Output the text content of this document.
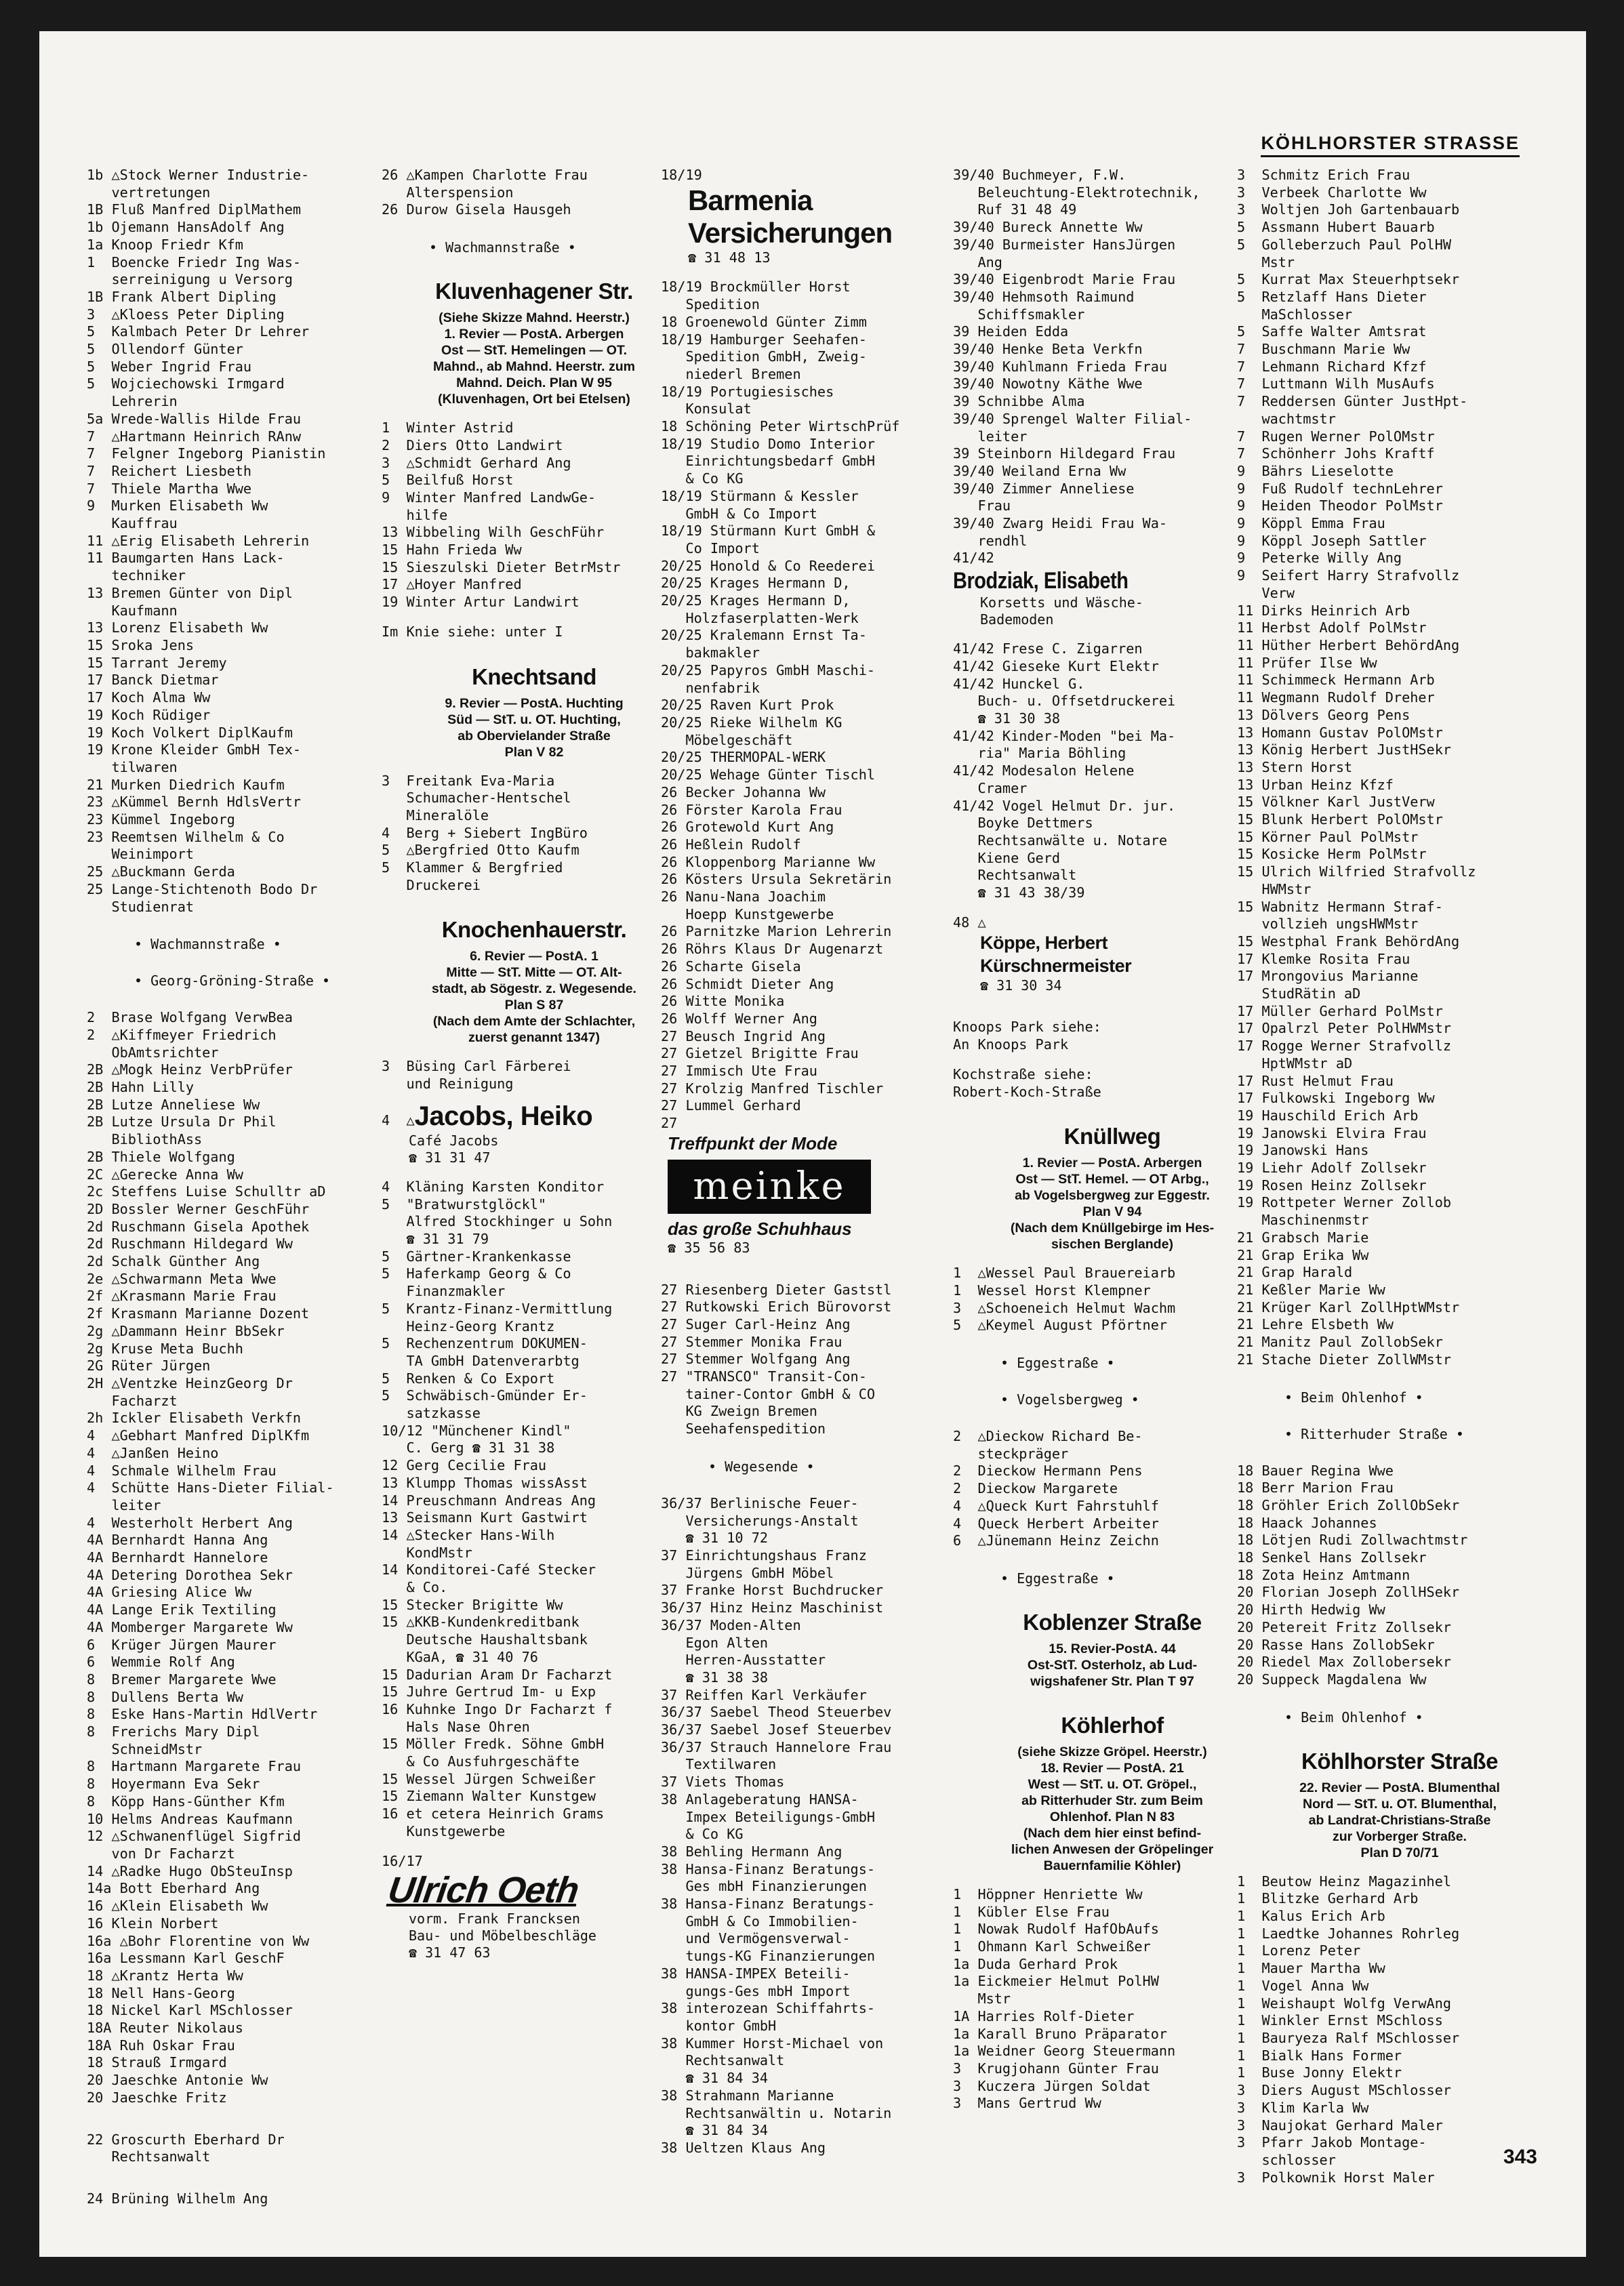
KÖHLHORSTER STRASSE
1b △Stock Werner Industrie-
vertretungen
1B Fluß Manfred DiplMathem
1b Ojemann HansAdolf Ang
1a Knoop Friedr Kfm
1  Boencke Friedr Ing Was-
serreinigung u Versorg
1B Frank Albert Dipling
3  △Kloess Peter Dipling
5  Kalmbach Peter Dr Lehrer
5  Ollendorf Günter
5  Weber Ingrid Frau
5  Wojciechowski Irmgard
Lehrerin
5a Wrede-Wallis Hilde Frau
7  △Hartmann Heinrich RAnw
7  Felgner Ingeborg Pianistin
7  Reichert Liesbeth
7  Thiele Martha Wwe
9  Murken Elisabeth Ww
Kauffrau
11 △Erig Elisabeth Lehrerin
11 Baumgarten Hans Lack-
techniker
13 Bremen Günter von Dipl
Kaufmann
13 Lorenz Elisabeth Ww
15 Sroka Jens
15 Tarrant Jeremy
17 Banck Dietmar
17 Koch Alma Ww
19 Koch Rüdiger
19 Koch Volkert DiplKaufm
19 Krone Kleider GmbH Tex-
tilwaren
21 Murken Diedrich Kaufm
23 △Kümmel Bernh HdlsVertr
23 Kümmel Ingeborg
23 Reemtsen Wilhelm & Co
Weinimport
25 △Buckmann Gerda
25 Lange-Stichtenoth Bodo Dr
Studienrat
• Wachmannstraße •
• Georg-Gröning-Straße •
2  Brase Wolfgang VerwBea
2  △Kiffmeyer Friedrich
ObAmtsrichter
2B △Mogk Heinz VerbPrüfer
2B Hahn Lilly
2B Lutze Anneliese Ww
2B Lutze Ursula Dr Phil
BibliothAss
2B Thiele Wolfgang
2C △Gerecke Anna Ww
2c Steffens Luise Schulltr aD
2D Bossler Werner GeschFühr
2d Ruschmann Gisela Apothek
2d Ruschmann Hildegard Ww
2d Schalk Günther Ang
2e △Schwarmann Meta Wwe
2f △Krasmann Marie Frau
2f Krasmann Marianne Dozent
2g △Dammann Heinr BbSekr
2g Kruse Meta Buchh
2G Rüter Jürgen
2H △Ventzke HeinzGeorg Dr
Facharzt
2h Ickler Elisabeth Verkfn
4  △Gebhart Manfred DiplKfm
4  △Janßen Heino
4  Schmale Wilhelm Frau
4  Schütte Hans-Dieter Filial-
leiter
4  Westerholt Herbert Ang
4A Bernhardt Hanna Ang
4A Bernhardt Hannelore
4A Detering Dorothea Sekr
4A Griesing Alice Ww
4A Lange Erik Textiling
4A Momberger Margarete Ww
6  Krüger Jürgen Maurer
6  Wemmie Rolf Ang
8  Bremer Margarete Wwe
8  Dullens Berta Ww
8  Eske Hans-Martin HdlVertr
8  Frerichs Mary Dipl
SchneidMstr
8  Hartmann Margarete Frau
8  Hoyermann Eva Sekr
8  Köpp Hans-Günther Kfm
10 Helms Andreas Kaufmann
12 △Schwanenflügel Sigfrid
von Dr Facharzt
14 △Radke Hugo ObSteuInsp
14a Bott Eberhard Ang
16 △Klein Elisabeth Ww
16 Klein Norbert
16a △Bohr Florentine von Ww
16a Lessmann Karl GeschF
18 △Krantz Herta Ww
18 Nell Hans-Georg
18 Nickel Karl MSchlosser
18A Reuter Nikolaus
18A Ruh Oskar Frau
18 Strauß Irmgard
20 Jaeschke Antonie Ww
20 Jaeschke Fritz
22 Groscurth Eberhard Dr
Rechtsanwalt
24 Brüning Wilhelm Ang
26 △Kampen Charlotte Frau
Alterspension
26 Durow Gisela Hausgeh
• Wachmannstraße •
Kluvenhagener Str.
(Siehe Skizze Mahnd. Heerstr.)
1. Revier — PostA. Arbergen
Ost — StT. Hemelingen — OT.
Mahnd., ab Mahnd. Heerstr. zum
Mahnd. Deich. Plan W 95
(Kluvenhagen, Ort bei Etelsen)
1  Winter Astrid
2  Diers Otto Landwirt
3  △Schmidt Gerhard Ang
5  Beilfuß Horst
9  Winter Manfred LandwGe-
hilfe
13 Wibbeling Wilh GeschFühr
15 Hahn Frieda Ww
15 Sieszulski Dieter BetrMstr
17 △Hoyer Manfred
19 Winter Artur Landwirt
Im Knie siehe: unter I
Knechtsand
9. Revier — PostA. Huchting
Süd — StT. u. OT. Huchting,
ab Obervielander Straße
Plan V 82
3  Freitank Eva-Maria
Schumacher-Hentschel
Mineralöle
4  Berg + Siebert IngBüro
5  △Bergfried Otto Kaufm
5  Klammer & Bergfried
Druckerei
Knochenhauerstr.
6. Revier — PostA. 1
Mitte — StT. Mitte — OT. Alt-
stadt, ab Sögestr. z. Wegesende.
Plan S 87
(Nach dem Amte der Schlachter,
zuerst genannt 1347)
3  Büsing Carl Färberei
und Reinigung
4  △Jacobs, Heiko
Café Jacobs
☎ 31 31 47
4  Kläning Karsten Konditor
5  "Bratwurstglöckl"
Alfred Stockhinger u Sohn
☎ 31 31 79
5  Gärtner-Krankenkasse
5  Haferkamp Georg & Co
Finanzmakler
5  Krantz-Finanz-Vermittlung
Heinz-Georg Krantz
5  Rechenzentrum DOKUMEN-
TA GmbH Datenverarbtg
5  Renken & Co Export
5  Schwäbisch-Gmünder Er-
satzkasse
10/12 "Münchener Kindl"
C. Gerg ☎ 31 31 38
12 Gerg Cecilie Frau
13 Klumpp Thomas wissAsst
14 Preuschmann Andreas Ang
13 Seismann Kurt Gastwirt
14 △Stecker Hans-Wilh
KondMstr
14 Konditorei-Café Stecker
& Co.
15 Stecker Brigitte Ww
15 △KKB-Kundenkreditbank
Deutsche Haushaltsbank
KGaA, ☎ 31 40 76
15 Dadurian Aram Dr Facharzt
15 Juhre Gertrud Im- u Exp
16 Kuhnke Ingo Dr Facharzt f
Hals Nase Ohren
15 Möller Fredk. Söhne GmbH
& Co Ausfuhrgeschäfte
15 Wessel Jürgen Schweißer
15 Ziemann Walter Kunstgew
16 et cetera Heinrich Grams
Kunstgewerbe
16/17
Ulrich Oeth
vorm. Frank Francksen
Bau- und Möbelbeschläge
☎ 31 47 63
18/19
Barmenia
Versicherungen
☎ 31 48 13
18/19 Brockmüller Horst
Spedition
18 Groenewold Günter Zimm
18/19 Hamburger Seehafen-
Spedition GmbH, Zweig-
niederl Bremen
18/19 Portugiesisches
Konsulat
18 Schöning Peter WirtschPrüf
18/19 Studio Domo Interior
Einrichtungsbedarf GmbH
& Co KG
18/19 Stürmann & Kessler
GmbH & Co Import
18/19 Stürmann Kurt GmbH &
Co Import
20/25 Honold & Co Reederei
20/25 Krages Hermann D,
20/25 Krages Hermann D,
Holzfaserplatten-Werk
20/25 Kralemann Ernst Ta-
bakmakler
20/25 Papyros GmbH Maschi-
nenfabrik
20/25 Raven Kurt Prok
20/25 Rieke Wilhelm KG
Möbelgeschäft
20/25 THERMOPAL-WERK
20/25 Wehage Günter Tischl
26 Becker Johanna Ww
26 Förster Karola Frau
26 Grotewold Kurt Ang
26 Heßlein Rudolf
26 Kloppenborg Marianne Ww
26 Kösters Ursula Sekretärin
26 Nanu-Nana Joachim
Hoepp Kunstgewerbe
26 Parnitzke Marion Lehrerin
26 Röhrs Klaus Dr Augenarzt
26 Scharte Gisela
26 Schmidt Dieter Ang
26 Witte Monika
26 Wolff Werner Ang
27 Beusch Ingrid Ang
27 Gietzel Brigitte Frau
27 Immisch Ute Frau
27 Krolzig Manfred Tischler
27 Lummel Gerhard
27
Treffpunkt der Mode
meinke
das große Schuhhaus
☎ 35 56 83
27 Riesenberg Dieter Gaststl
27 Rutkowski Erich Bürovorst
27 Suger Carl-Heinz Ang
27 Stemmer Monika Frau
27 Stemmer Wolfgang Ang
27 "TRANSCO" Transit-Con-
tainer-Contor GmbH & CO
KG Zweign Bremen
Seehafenspedition
• Wegesende •
36/37 Berlinische Feuer-
Versicherungs-Anstalt
☎ 31 10 72
37 Einrichtungshaus Franz
Jürgens GmbH Möbel
37 Franke Horst Buchdrucker
36/37 Hinz Heinz Maschinist
36/37 Moden-Alten
Egon Alten
Herren-Ausstatter
☎ 31 38 38
37 Reiffen Karl Verkäufer
36/37 Saebel Theod Steuerbev
36/37 Saebel Josef Steuerbev
36/37 Strauch Hannelore Frau
Textilwaren
37 Viets Thomas
38 Anlageberatung HANSA-
Impex Beteiligungs-GmbH
& Co KG
38 Behling Hermann Ang
38 Hansa-Finanz Beratungs-
Ges mbH Finanzierungen
38 Hansa-Finanz Beratungs-
GmbH & Co Immobilien-
und Vermögensverwal-
tungs-KG Finanzierungen
38 HANSA-IMPEX Beteili-
gungs-Ges mbH Import
38 interozean Schiffahrts-
kontor GmbH
38 Kummer Horst-Michael von
Rechtsanwalt
☎ 31 84 34
38 Strahmann Marianne
Rechtsanwältin u. Notarin
☎ 31 84 34
38 Ueltzen Klaus Ang
39/40 Buchmeyer, F.W.
Beleuchtung-Elektrotechnik,
Ruf 31 48 49
39/40 Bureck Annette Ww
39/40 Burmeister HansJürgen
Ang
39/40 Eigenbrodt Marie Frau
39/40 Hehmsoth Raimund
Schiffsmakler
39 Heiden Edda
39/40 Henke Beta Verkfn
39/40 Kuhlmann Frieda Frau
39/40 Nowotny Käthe Wwe
39 Schnibbe Alma
39/40 Sprengel Walter Filial-
leiter
39 Steinborn Hildegard Frau
39/40 Weiland Erna Ww
39/40 Zimmer Anneliese
Frau
39/40 Zwarg Heidi Frau Wa-
rendhl
41/42
Brodziak, Elisabeth
Korsetts und Wäsche-
Bademoden
41/42 Frese C. Zigarren
41/42 Gieseke Kurt Elektr
41/42 Hunckel G.
Buch- u. Offsetdruckerei
☎ 31 30 38
41/42 Kinder-Moden "bei Ma-
ria" Maria Böhling
41/42 Modesalon Helene
Cramer
41/42 Vogel Helmut Dr. jur.
Boyke Dettmers
Rechtsanwälte u. Notare
Kiene Gerd
Rechtsanwalt
☎ 31 43 38/39
48 △
Köppe, Herbert
Kürschnermeister
☎ 31 30 34
Knoops Park siehe:
An Knoops Park
Kochstraße siehe:
Robert-Koch-Straße
Knüllweg
1. Revier — PostA. Arbergen
Ost — StT. Hemel. — OT Arbg.,
ab Vogelsbergweg zur Eggestr.
Plan V 94
(Nach dem Knüllgebirge im Hes-
sischen Berglande)
1  △Wessel Paul Brauereiarb
1  Wessel Horst Klempner
3  △Schoeneich Helmut Wachm
5  △Keymel August Pförtner
• Eggestraße •
• Vogelsbergweg •
2  △Dieckow Richard Be-
steckpräger
2  Dieckow Hermann Pens
2  Dieckow Margarete
4  △Queck Kurt Fahrstuhlf
4  Queck Herbert Arbeiter
6  △Jünemann Heinz Zeichn
• Eggestraße •
Koblenzer Straße
15. Revier-PostA. 44
Ost-StT. Osterholz, ab Lud-
wigshafener Str. Plan T 97
Köhlerhof
(siehe Skizze Gröpel. Heerstr.)
18. Revier — PostA. 21
West — StT. u. OT. Gröpel.,
ab Ritterhuder Str. zum Beim
Ohlenhof. Plan N 83
(Nach dem hier einst befind-
lichen Anwesen der Gröpelinger
Bauernfamilie Köhler)
1  Höppner Henriette Ww
1  Kübler Else Frau
1  Nowak Rudolf HafObAufs
1  Ohmann Karl Schweißer
1a Duda Gerhard Prok
1a Eickmeier Helmut PolHW
Mstr
1A Harries Rolf-Dieter
1a Karall Bruno Präparator
1a Weidner Georg Steuermann
3  Krugjohann Günter Frau
3  Kuczera Jürgen Soldat
3  Mans Gertrud Ww
3  Schmitz Erich Frau
3  Verbeek Charlotte Ww
3  Woltjen Joh Gartenbauarb
5  Assmann Hubert Bauarb
5  Golleberzuch Paul PolHW
Mstr
5  Kurrat Max Steuerhptsekr
5  Retzlaff Hans Dieter
MaSchlosser
5  Saffe Walter Amtsrat
7  Buschmann Marie Ww
7  Lehmann Richard Kfzf
7  Luttmann Wilh MusAufs
7  Reddersen Günter JustHpt-
wachtmstr
7  Rugen Werner PolOMstr
7  Schönherr Johs Kraftf
9  Bährs Lieselotte
9  Fuß Rudolf technLehrer
9  Heiden Theodor PolMstr
9  Köppl Emma Frau
9  Köppl Joseph Sattler
9  Peterke Willy Ang
9  Seifert Harry Strafvollz
Verw
11 Dirks Heinrich Arb
11 Herbst Adolf PolMstr
11 Hüther Herbert BehördAng
11 Prüfer Ilse Ww
11 Schimmeck Hermann Arb
11 Wegmann Rudolf Dreher
13 Dölvers Georg Pens
13 Homann Gustav PolOMstr
13 König Herbert JustHSekr
13 Stern Horst
13 Urban Heinz Kfzf
15 Völkner Karl JustVerw
15 Blunk Herbert PolOMstr
15 Körner Paul PolMstr
15 Kosicke Herm PolMstr
15 Ulrich Wilfried Strafvollz
HWMstr
15 Wabnitz Hermann Straf-
vollzieh ungsHWMstr
15 Westphal Frank BehördAng
17 Klemke Rosita Frau
17 Mrongovius Marianne
StudRätin aD
17 Müller Gerhard PolMstr
17 Opalrzl Peter PolHWMstr
17 Rogge Werner Strafvollz
HptWMstr aD
17 Rust Helmut Frau
17 Fulkowski Ingeborg Ww
19 Hauschild Erich Arb
19 Janowski Elvira Frau
19 Janowski Hans
19 Liehr Adolf Zollsekr
19 Rosen Heinz Zollsekr
19 Rottpeter Werner Zollob
Maschinenmstr
21 Grabsch Marie
21 Grap Erika Ww
21 Grap Harald
21 Keßler Marie Ww
21 Krüger Karl ZollHptWMstr
21 Lehre Elsbeth Ww
21 Manitz Paul ZollobSekr
21 Stache Dieter ZollWMstr
• Beim Ohlenhof •
• Ritterhuder Straße •
18 Bauer Regina Wwe
18 Berr Marion Frau
18 Gröhler Erich ZollObSekr
18 Haack Johannes
18 Lötjen Rudi Zollwachtmstr
18 Senkel Hans Zollsekr
18 Zota Heinz Amtmann
20 Florian Joseph ZollHSekr
20 Hirth Hedwig Ww
20 Petereit Fritz Zollsekr
20 Rasse Hans ZollobSekr
20 Riedel Max Zollobersekr
20 Suppeck Magdalena Ww
• Beim Ohlenhof •
Köhlhorster Straße
22. Revier — PostA. Blumenthal
Nord — StT. u. OT. Blumenthal,
ab Landrat-Christians-Straße
zur Vorberger Straße.
Plan D 70/71
1  Beutow Heinz Magazinhel
1  Blitzke Gerhard Arb
1  Kalus Erich Arb
1  Laedtke Johannes Rohrleg
1  Lorenz Peter
1  Mauer Martha Ww
1  Vogel Anna Ww
1  Weishaupt Wolfg VerwAng
1  Winkler Ernst MSchloss
1  Bauryeza Ralf MSchlosser
1  Bialk Hans Former
1  Buse Jonny Elektr
3  Diers August MSchlosser
3  Klim Karla Ww
3  Naujokat Gerhard Maler
3  Pfarr Jakob Montage-
schlosser
3  Polkownik Horst Maler
343
